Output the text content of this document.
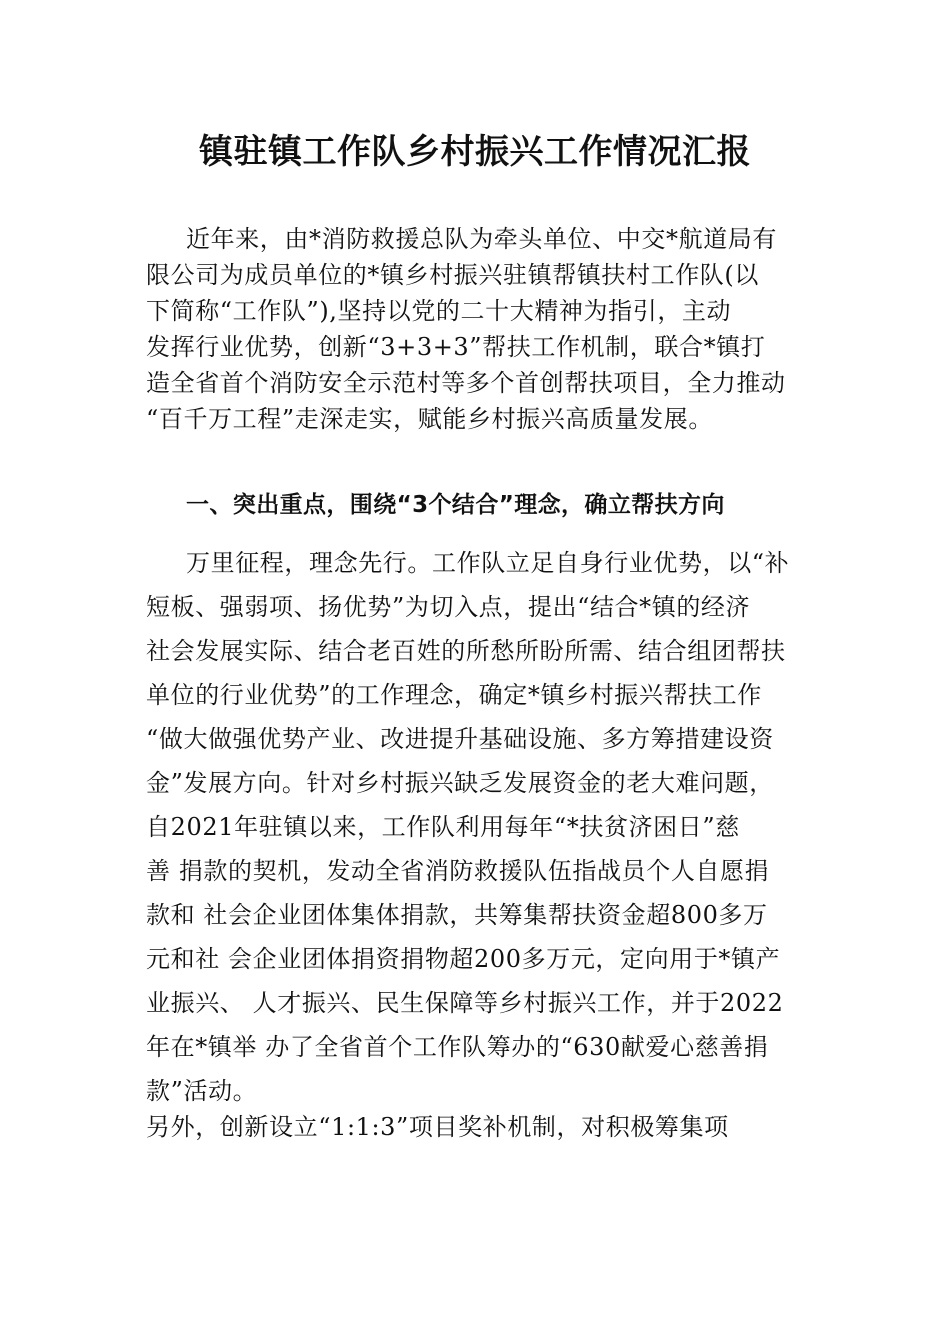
镇驻镇工作队乡村振兴工作情况汇报
近年来，由*消防救援总队为牵头单位、中交*航道局有
限公司为成员单位的*镇乡村振兴驻镇帮镇扶村工作队(以
下简称“工作队”),坚持以党的二十大精神为指引，主动
发挥行业优势，创新“3+3+3”帮扶工作机制，联合*镇打
造全省首个消防安全示范村等多个首创帮扶项目，全力推动
“百千万工程”走深走实，赋能乡村振兴高质量发展。
一、突出重点，围绕“3个结合”理念，确立帮扶方向
万里征程，理念先行。工作队立足自身行业优势，以“补
短板、强弱项、扬优势”为切入点，提出“结合*镇的经济
社会发展实际、结合老百姓的所愁所盼所需、结合组团帮扶
单位的行业优势”的工作理念，确定*镇乡村振兴帮扶工作
“做大做强优势产业、改进提升基础设施、多方筹措建设资
金”发展方向。针对乡村振兴缺乏发展资金的老大难问题，
自2021年驻镇以来，工作队利用每年“*扶贫济困日”慈
善 捐款的契机，发动全省消防救援队伍指战员个人自愿捐
款和 社会企业团体集体捐款，共筹集帮扶资金超800多万
元和社 会企业团体捐资捐物超200多万元，定向用于*镇产
业振兴、 人才振兴、民生保障等乡村振兴工作，并于2022
年在*镇举 办了全省首个工作队筹办的“630献爱心慈善捐
款”活动。
另外，创新设立“1:1:3”项目奖补机制，对积极筹集项
